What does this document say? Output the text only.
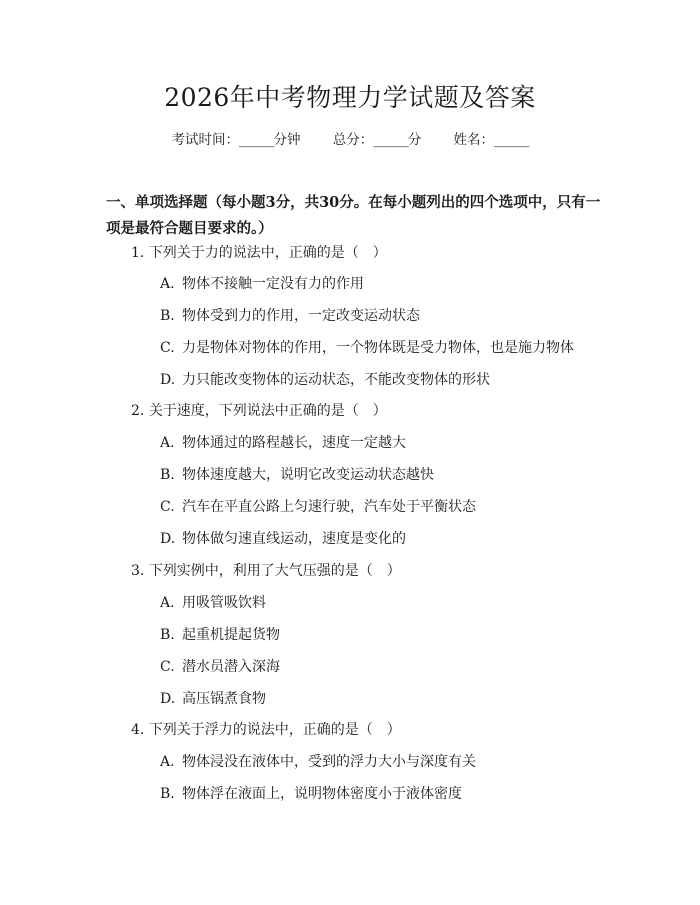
2026年中考物理力学试题及答案
考试时间：______分钟 总分：______分 姓名：______
一、单项选择题（每小题3分，共30分。在每小题列出的四个选项中，只有一项是最符合题目要求的。）
1. 下列关于力的说法中，正确的是（　）
A. 物体不接触一定没有力的作用
B. 物体受到力的作用，一定改变运动状态
C. 力是物体对物体的作用，一个物体既是受力物体，也是施力物体
D. 力只能改变物体的运动状态，不能改变物体的形状
2. 关于速度，下列说法中正确的是（　）
A. 物体通过的路程越长，速度一定越大
B. 物体速度越大，说明它改变运动状态越快
C. 汽车在平直公路上匀速行驶，汽车处于平衡状态
D. 物体做匀速直线运动，速度是变化的
3. 下列实例中，利用了大气压强的是（　）
A. 用吸管吸饮料
B. 起重机提起货物
C. 潜水员潜入深海
D. 高压锅煮食物
4. 下列关于浮力的说法中，正确的是（　）
A. 物体浸没在液体中，受到的浮力大小与深度有关
B. 物体浮在液面上，说明物体密度小于液体密度
